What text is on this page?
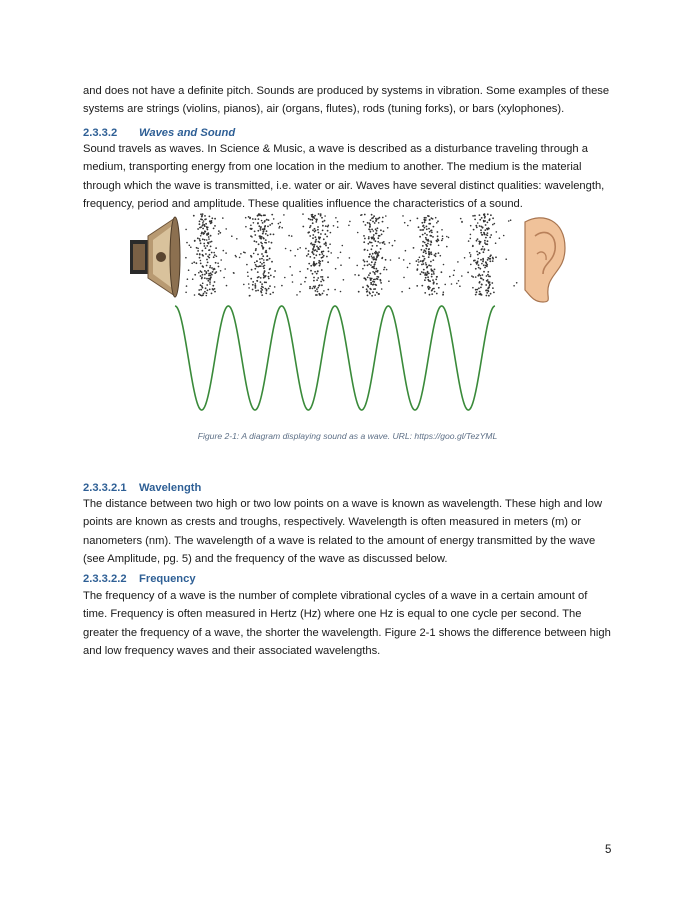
and does not have a definite pitch. Sounds are produced by systems in vibration. Some examples of these systems are strings (violins, pianos), air (organs, flutes), rods (tuning forks), or bars (xylophones).

2.3.3.2 Waves and Sound

Sound travels as waves. In Science & Music, a wave is described as a disturbance traveling through a medium, transporting energy from one location in the medium to another. The medium is the material through which the wave is transmitted, i.e. water or air. Waves have several distinct qualities: wavelength, frequency, period and amplitude. These qualities influence the characteristics of a sound.

Figure 2-1: A diagram displaying sound as a wave. URL: https://goo.gl/TezYML

2.3.3.2.1 Wavelength

The distance between two high or two low points on a wave is known as wavelength. These high and low points are known as crests and troughs, respectively. Wavelength is often measured in meters (m) or nanometers (nm). The wavelength of a wave is related to the amount of energy transmitted by the wave (see Amplitude, pg. 5) and the frequency of the wave as discussed below.

2.3.3.2.2 Frequency

The frequency of a wave is the number of complete vibrational cycles of a wave in a certain amount of time. Frequency is often measured in Hertz (Hz) where one Hz is equal to one cycle per second. The greater the frequency of a wave, the shorter the wavelength. Figure 2-1 shows the difference between high and low frequency waves and their associated wavelengths.

5
